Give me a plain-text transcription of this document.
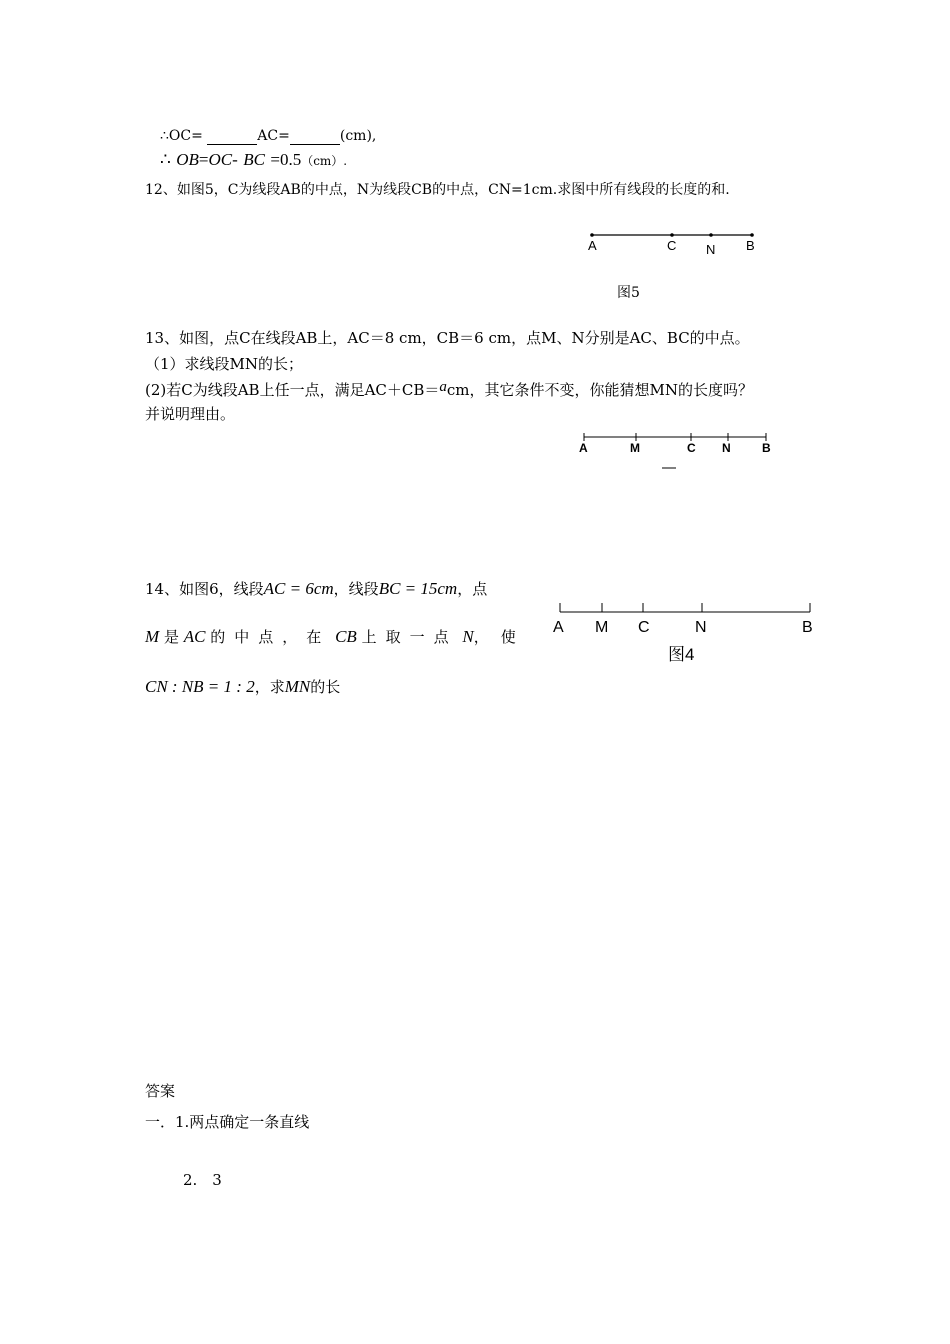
∴OC=	AC=	(cm),
∴ OB=OC- BC =0.5（cm）.
12、如图5，C为线段AB的中点，N为线段CB的中点，CN=1cm.求图中所有线段的长度的和.
A	C N B
图5
13、如图，点C在线段AB上，AC＝8 cm，CB＝6 cm，点M、N分别是AC、BC的中点。
（1）求线段MN的长；
(2)若C为线段AB上任一点，满足AC＋CB＝acm，其它条件不变，你能猜想MN的长度吗？
并说明理由。
A	M	C N	B
14、如图6，线段AC = 6cm，线段BC = 15cm，点
M 是 AC 的中点，在 CB 上取一点 N，使
CN : NB = 1 : 2，求MN的长
A M C	N	B
图4
答案
一．1.两点确定一条直线
2.　3
